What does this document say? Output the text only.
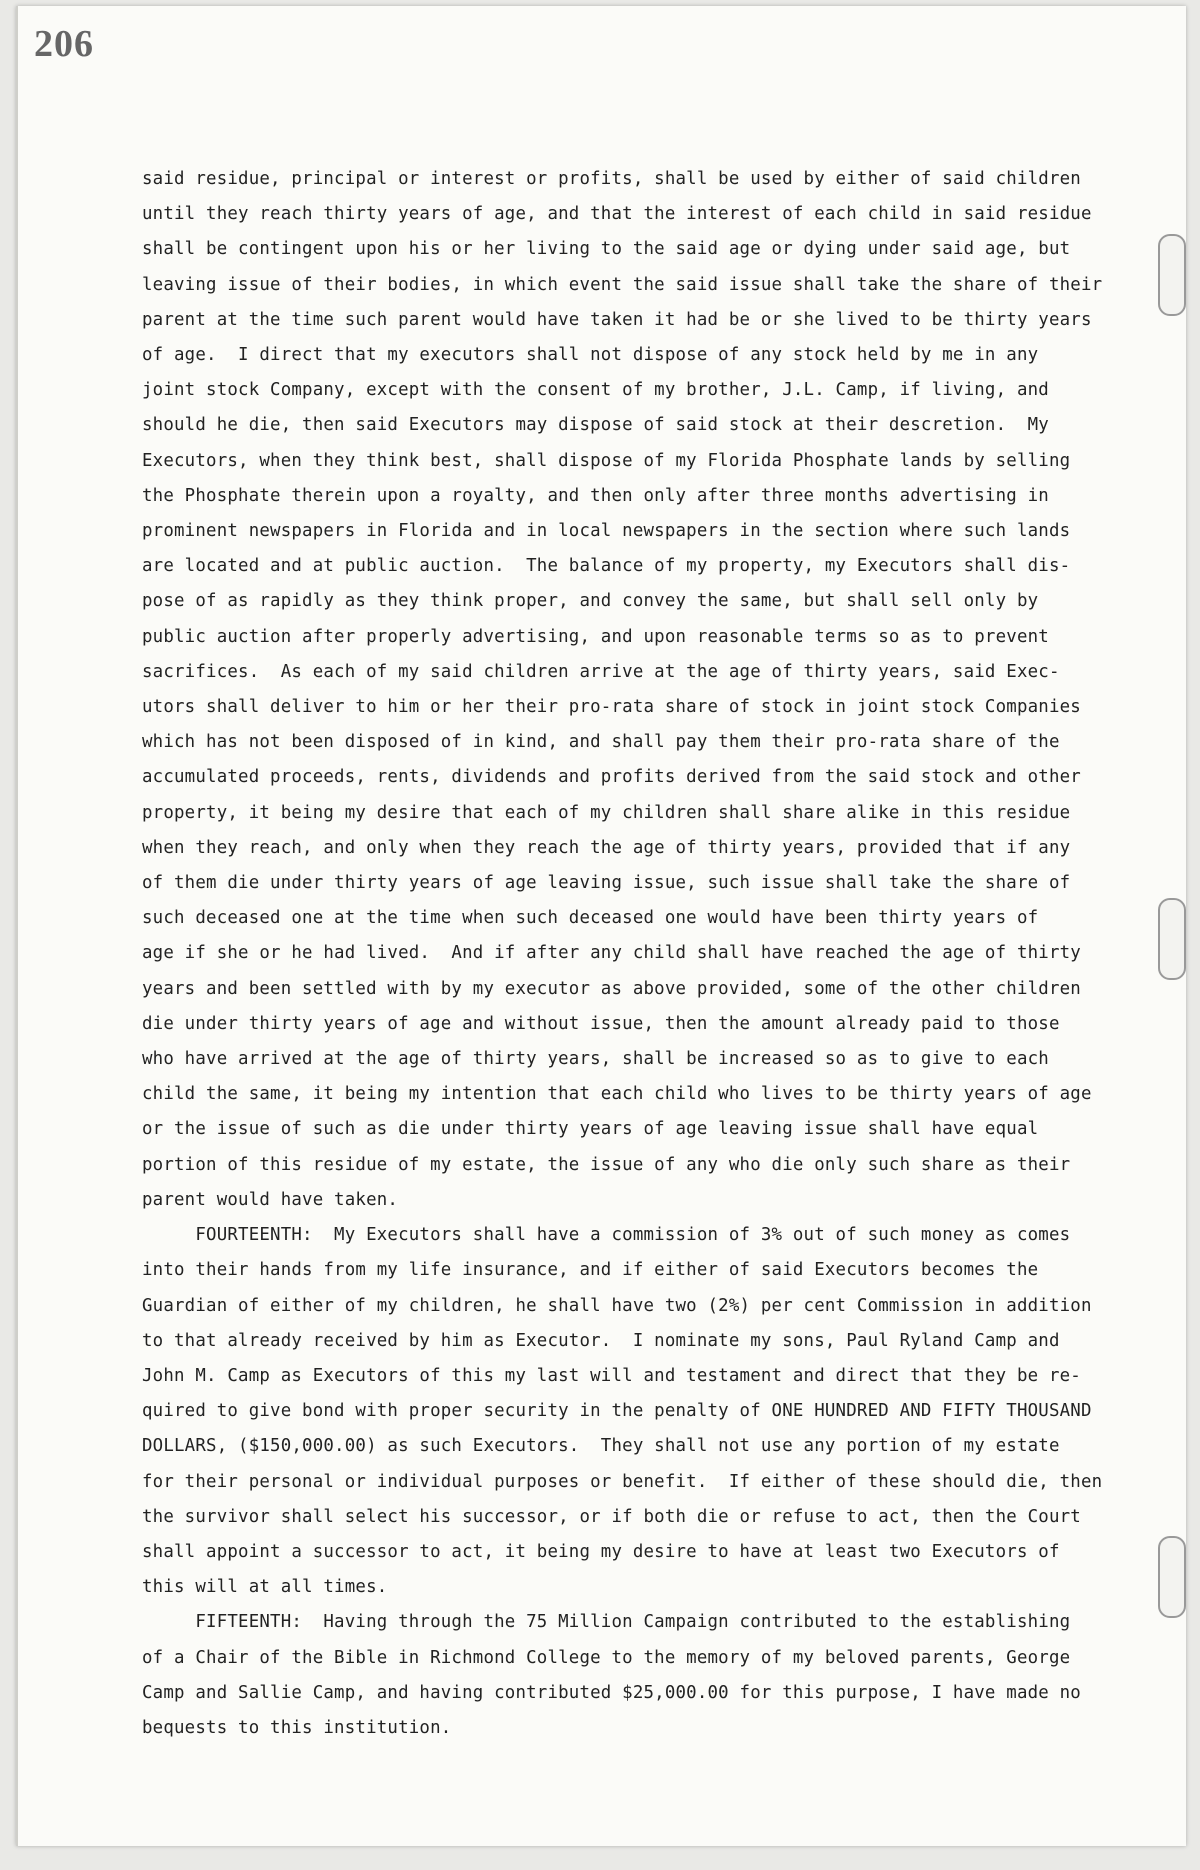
206
said residue, principal or interest or profits, shall be used by either of said children
until they reach thirty years of age, and that the interest of each child in said residue
shall be contingent upon his or her living to the said age or dying under said age, but
leaving issue of their bodies, in which event the said issue shall take the share of their
parent at the time such parent would have taken it had be or she lived to be thirty years
of age.  I direct that my executors shall not dispose of any stock held by me in any
joint stock Company, except with the consent of my brother, J.L. Camp, if living, and
should he die, then said Executors may dispose of said stock at their descretion.  My
Executors, when they think best, shall dispose of my Florida Phosphate lands by selling
the Phosphate therein upon a royalty, and then only after three months advertising in
prominent newspapers in Florida and in local newspapers in the section where such lands
are located and at public auction.  The balance of my property, my Executors shall dis-
pose of as rapidly as they think proper, and convey the same, but shall sell only by
public auction after properly advertising, and upon reasonable terms so as to prevent
sacrifices.  As each of my said children arrive at the age of thirty years, said Exec-
utors shall deliver to him or her their pro-rata share of stock in joint stock Companies
which has not been disposed of in kind, and shall pay them their pro-rata share of the
accumulated proceeds, rents, dividends and profits derived from the said stock and other
property, it being my desire that each of my children shall share alike in this residue
when they reach, and only when they reach the age of thirty years, provided that if any
of them die under thirty years of age leaving issue, such issue shall take the share of
such deceased one at the time when such deceased one would have been thirty years of
age if she or he had lived.  And if after any child shall have reached the age of thirty
years and been settled with by my executor as above provided, some of the other children
die under thirty years of age and without issue, then the amount already paid to those
who have arrived at the age of thirty years, shall be increased so as to give to each
child the same, it being my intention that each child who lives to be thirty years of age
or the issue of such as die under thirty years of age leaving issue shall have equal
portion of this residue of my estate, the issue of any who die only such share as their
parent would have taken.
FOURTEENTH:  My Executors shall have a commission of 3% out of such money as comes
into their hands from my life insurance, and if either of said Executors becomes the
Guardian of either of my children, he shall have two (2%) per cent Commission in addition
to that already received by him as Executor.  I nominate my sons, Paul Ryland Camp and
John M. Camp as Executors of this my last will and testament and direct that they be re-
quired to give bond with proper security in the penalty of ONE HUNDRED AND FIFTY THOUSAND
DOLLARS, ($150,000.00) as such Executors.  They shall not use any portion of my estate
for their personal or individual purposes or benefit.  If either of these should die, then
the survivor shall select his successor, or if both die or refuse to act, then the Court
shall appoint a successor to act, it being my desire to have at least two Executors of
this will at all times.
FIFTEENTH:  Having through the 75 Million Campaign contributed to the establishing
of a Chair of the Bible in Richmond College to the memory of my beloved parents, George
Camp and Sallie Camp, and having contributed $25,000.00 for this purpose, I have made no
bequests to this institution.
